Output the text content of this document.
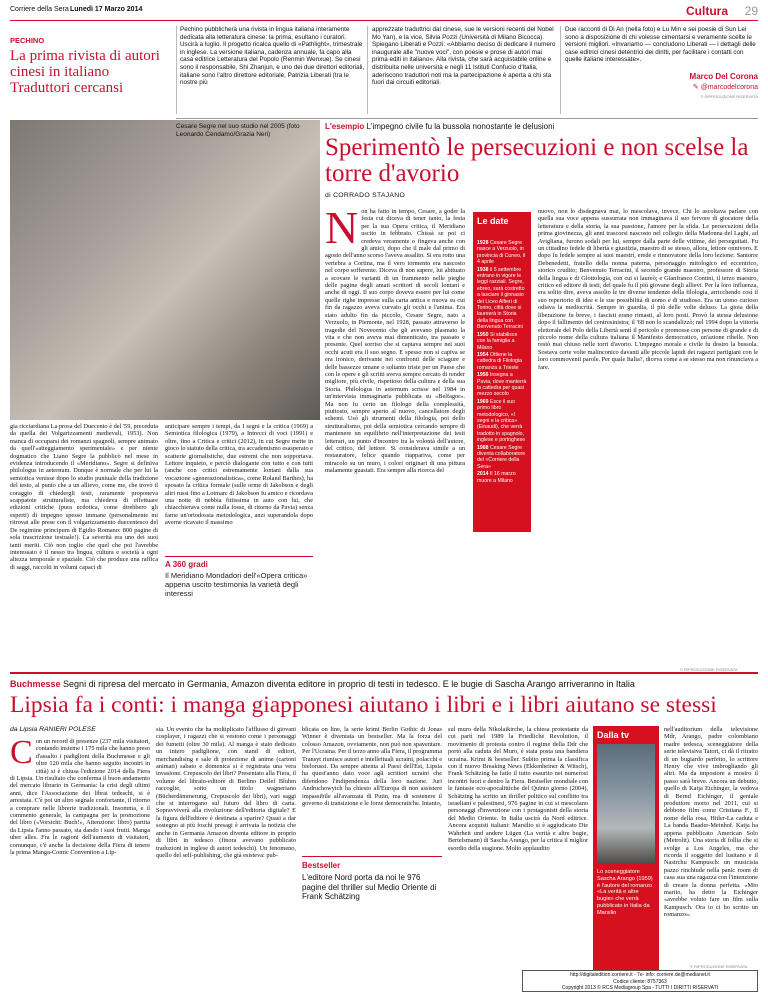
Corriere della Sera Lunedì 17 Marzo 2014	Cultura 29
PECHINO
La prima rivista di autori cinesi in italiano Traduttori cercansi
Pechino pubblicherà una rivista in lingua italiana interamente dedicata alla letteratura cinese: la prima, esultano i curatori. Uscirà a luglio. Il progetto ricalca quello di «Pathlight», trimestrale in inglese. La versione italiana, cadenza annuale, fa capo alla casa editrice Letteratura del Popolo (Renmin Wenxue). Se cinesi sono il responsabile, Shi Zhanjun, e uno dei due direttori editoriali, italiane sono l'altro direttore editoriale, Patrizia Liberati (tra le nostre più
apprezzate traduttrici dal cinese, sue le versioni recenti del Nobel Mo Yan), e la vice, Silvia Pozzi (Università di Milano Bicocca). Spiegano Liberati e Pozzi: «Abbiamo deciso di dedicare il numero inaugurale alle "nuove voci", con poesie e prose di autori mai prima editi in italiano». Alla rivista, che sarà acquistabile online e distribuita nelle università e negli 11 Istituti Confucio d'Italia, aderiscono traduttori noti ma la partecipazione è aperta a chi sta fuori dai circuiti editoriali.
Due racconti di Di An (nella foto) e Lu Min e sei poesie di Sun Lei sono a disposizione di chi volesse cimentarsi e veramente scelte le versioni migliori. «Invariamo — concludono Liberati — i dettagli delle case editrici cinesi detentrici dei diritti, per facilitare i contatti con quelle italiane interessate».
Marco Del Corona
✎ @marcodelcorona
© RIPRODUZIONE RISERVATA
Cesare Segre nel suo studio nel 2005 (foto Leonardo Cendamo/Grazia Neri)
L'esempio L'impegno civile fu la bussola nonostante le delusioni
Sperimentò le persecuzioni e non scelse la torre d'avorio
di CORRADO STAJANO
N on ha fatto in tempo, Cesare, a goder la festa cui diceva di tener tanto, la festa per la sua Opera critica, il Meridiano uscito in febbraio. Chissà se poi ci credeva veramente o fingeva anche con gli amici, dopo che il male dal primo di agosto dell'anno scorso l'aveva assalito. Si era rotto una vertebra a Cortina, ma il vero tormento era nascosto nel corpo sofferente. Diceva di non sapere, lui abituato a scovare le varianti di un frammento nelle pieghe delle pagine degli amati scrittori di secoli lontani e anche di oggi. Il suo corpo doveva essere per lui come quelle righe impresse sulla carta antica e nuova su cui fin da ragazzo aveva curvato gli occhi e l'anima. Era stato adulto fin da piccolo, Cesare Segre, nato a Verzuolo, in Piemonte, nel 1928, passato attraverso le tragedie del Novecento che gli avevano plasmato la vita e che non aveva mai dimenticato, tra passato e presente. Quel sorriso che si captava sempre nei suoi occhi acuti era il suo segno. E spesso non si capiva se era ironico, derivante nei confronti delle sciagure e delle bassezze umane o soltanto triste per un Paese che con le opere e gli scritti aveva sempre cercato di render migliore, più civile, rispettoso della cultura e della sua Storia. Philologus in aeternum scrisse nel 1984 in un'intervista immaginaria pubblicata su «Belfagor». Ma non fu certo un filologo della complessità, piuttosto, sempre aperto al nuovo, cancellatore degli schemi. Usò gli strumenti della filologia, poi dello strutturalismo, poi della semiotica cercando sempre di mantenere un equilibrio nell'interpretazione dei testi letterari, un punto d'incontro tra la volontà dell'autore, del critico, del lettore. Si considerava simile a un restauratore, felice quando riappariva, come per miracolo su un muro, i colori originari di una pittura malamente guastati. Era sempre alla ricerca del
Le date
1928 Cesare Segre nasce a Verzuolo, in provincia di Cuneo, il 4 aprile
1938 il 5 settembre entrano in vigore le leggi razziali. Segre, ebreo, sarà costretto a lasciare il ginnasio del Liceo Alfieri di Torino, città dove si laureerà in Storia della lingua con Benvenuto Terracini
1950 Si stabilisce con la famiglia a Milano
1954 Ottiene la cattedra di Filologia romanza a Trieste
1956 Insegna a Pavia, dove manterrà la cattedra per quasi mezzo secolo
1969 Esce il suo primo libro metodologico, «I segni e la critica» (Einaudi), che verrà tradotto in spagnolo, inglese e portoghese
1988 Cesare Segre diventa collaboratore del «Corriere della Sera»
2014 Il 16 marzo muore a Milano
nuovo, non lo disdegnava mai, lo mescolava, invece. Chi lo ascoltava parlare con quella sua voce appena sussurrata non immaginava il suo fervore di giocatore della letteratura e della storia, la sua passione, l'amore per la sfida. Le persecuzioni della prima giovinezza, gli anni trascorsi nascosto nel collegio della Madonna del Laghi, ad Avigliana, furono sodali per lui, sempre dalla parte delle vittime, dei perseguitati. Fu un cittadino fedele di libertà e giustizia, maestro di se stesso, allora, lettore onnivoro. E dopo fu fedele sempre ai suoi maestri, erede e rinnovatore della loro lezione: Santorre Debenedetti, fratello della nonna paterna, personaggio mitologico ed eccentrico, storico crudito; Benvenuto Terracini, il secondo grande maestro, professore di Storia della lingua e di Glottologia, con cui si laureò; e Gianfranco Contini, il terzo maestro, critico ed editore di testi, del quale fu il più giovane degli allievi. Per la loro influenza, era solito dire, aveva assolto le tre diverse tendenze della filologia, arricchendo così il suo repertorio di idee e le sue possibilità di uomo e di studioso. Era un uomo curioso odiava la mediocrità. Sempre in guardia, il più delle volte deluso. La gioia della liberazione fu breve, i fascisti erano rimasti, al loro posti. Provò la stessa delusione dopo il fallimento del centrosinistra; il '68 non lo scandalizzò; nel 1994 dopo la vittoria elettorale del Polo della Libertà sentì il pericolo e promosse con persone di grande e di piccolo nome della cultura italiana il Manifesto democratico, un'azione ribelle. Non restò mai chiuso nelle torri d'avorio. L'impegno morale e civile fu dostro la bussola. Sostava certe volte malinconico davanti alle piccole lapidi dei ragazzi partigiani con le loro commoventi parole. Per quale Italia?, diceva come a se stesso ma non rinunciava a fare.
© RIPRODUZIONE RISERVATA
gia ricciardiana La prosa del Duecento è del '59, precedutа da quella dei Volgarizzamenti medievali, 1953). Non manca di occuparsi dei romanzi spagnoli, sempre animato da quell'«atteggiamento sperimentale» e per niente dogmatico che Liano Segre la pubblicò nel mese in evidenza introducendo il «Meridiano». Segre si definiva philologus in aeternum. Dunque è normale che per lui la semiotica venisse dopo lo studio puntuale della tradizione del testo, al punto che a un allievo, come me, che trovò il coraggio di chiedergli testi, raramente proponeva scappatoie strutturaliste, ma chiedeva di effettuare edizioni critiche (pura ecdotica, come direbbero gli esperti) di impegno spesso immane (personalmente mi ritrovai alle prese con il volgarizzamento duecentesco del De regimine principum di Egidio Romano: 800 pagine di sola trascrizione testuale!). La severità era uno dei suoi tanti meriti. Ciò non toglie che quel che poi l'avrebbe interessato è il nesso tra lingua, cultura e società a ogni altezza temporale e spaziale. Ciò che produce una raffica di saggi, raccolti in volumi capaci di
anticipare sempre i tempi, da I segni e la critica (1969) a Semiotica filologica (1979), a Intrecci di voci (1991) e oltre, fino a Critica e critici (2012), in cui Segre mette in gioco lo statuto della critica, tra accademismo esasperato e scatterie giornalistiche, due estremi che non sopportava. Lettore inquieto, e perciò dialogante con tutto e con tutti (anche con critici estremamente lontani dalla sua vocazione «generazionalistica», come Roland Barthes), ha sposato la critica formale (sulle orme di Jakobson e degli altri russi fino a Lotman: di Jakobson fu amico e ricordava una notte di nebbia fittissima in auto con lui, che chiacchierava come nulla fosse, di ritorno da Pavia) senza farne un'ortodossia metodologica, anzi superandola dopo averne ricavato il massimo
A 360 gradi
Il Meridiano Mondadori dell'«Opera critica» appena uscito testimonia la varietà degli interessi
Buchmesse Segni di ripresa del mercato in Germania, Amazon diventa editore in proprio di testi in tedesco. E le bugie di Sascha Arango arriveranno in Italia
Lipsia fa i conti: i manga giapponesi aiutano i libri e i libri aiutano se stessi
da Lipsia RANIERI POLESE
C on un record di presenze (237 mila visitatori, contando insieme i 175 mila che hanno preso d'assalto i padiglioni della Buchmesse e gli oltre 120 mila che hanno seguito incontri in città) si è chiusa l'edizione 2014 della Fiera di Lipsia. Un risultato che conferma il buon andamento del mercato librario in Germania: la crisi degli ultimi anni, dice l'Associazione dei librai tedeschi, si è arrestata. C'è poi un altro segnale confortante, il ritorno a comprare nelle librerie tradizionali. Insomma, e il commento generale, la campagna per la promozione del libro («Vorsicht: Buch!», Attenzione: libro) partita da Lipsia l'anno passato, sta dando i suoi frutti. Manga uber alles. Fra le ragioni dell'aumento di visitatori, comunque, c'è anche la decisione della Fiera di tenere la prima Manga-Comic Convention a Lip-
sia. Un evento che ha moltiplicato l'afflusso di giovani cosplayer, i ragazzi che si vestono come i personaggi dei fumetti (oltre 30 mila). Al manga è stato dedicato un intero padiglione, con stand di editori, merchandising e sale di proiezione di anime (cartoni animati) sabato e domenica si è registrata una vera invasione. Crepuscolo dei libri? Presentato alla Fiera, il volume del libraio-editore di Berlino Detlef Bluhm raccoglie, sotto un titolo wagneriano (Bücherdämmerung, Crepuscolo dei libri), vari saggi che si interrogano sul futuro del libro di carta. Sopravviverà alla rivoluzione dell'editoria digitale? E la figura dell'editore è destinata a sparire? Quasi a dar sostegno ai più foschi presagi è arrivata la notizia che anche in Germania Amazon diventa editore in proprio di libri in tedesco (finora avevano pubblicato traduzioni in inglese di autori tedeschi). Un fenomeno, quello del self-publishing, che già esisteva: pub-
blicata on line, la serie krimi Berlin Gothic di Jonas Winner è diventata un bestseller. Ma la forza del colosso Amazon, ovviamente, non può non spaventare. Per l'Ucraina. Per il terzo anno alla Fiera, il programma Transyt riunisce autori e intellettuali ucraini, polacchi e bielorussi. Da sempre attenta al Paesi dell'Est, Lipsia ha quest'anno dato voce agli scrittori ucraini che difendono l'indipendenza della loro nazione. Juri Andruchowytch ha chiesto all'Europa di non assistere impassibile all'avanzata di Putin, ma di sostenere il governo di transizione e le forze democratiche. Intanto,
Bestseller
L'editore Nord porta da noi le 976 pagine del thriller sul Medio Oriente di Frank Schätzing
sul muro della Nikolaikirche, la chiesa protestante da cui partì nel 1989 la Friedliche Revolution, il movimento di protesta contro il regime della Ddr che portò alla caduta del Muro, è stata posta una bandiera ucraina. Krimi & bestseller. Subito prima la classifica con il nuovo Breaking News (Ekkenheiner & Witsch), Frank Schätzing ha fatto il tutto esaurito nei numerosi incontri fuori e dentro la Fiera. Bestseller mondiale con le fantasie eco-apocalittiche del Quinto giorno (2004), Schätzing ha scritto un thriller politico sul conflitto tra israeliani e palestinesi, 976 pagine in cui si mescolano personaggi d'invenzione con i protagonisti della storia del Medio Oriente. In Italia uscirà da Nord editrice. Ancora acquisti italiani: Marsilio si è aggiudicato Die Wahrheit und andere Lügen (La verità e altre bugie, Bertelsmann) di Sascha Arango, per la critica il miglior esordio della stagione. Molto applaudito
Dalla tv
Lo sceneggiatore Sascha Arango (1959) è l'autore del romanzo «La verità e altre bugie» che verrà pubblicato in Italia da Marsilio
nell'auditorium della televisione Mdr, Arango, padre colombiano madre tedesca, sceneggiatore della serie televisiva Tatort, ci dà il ritratto di un bugiardo perfetto, lo scrittore Henry che vive imbrogliando gli altri. Ma da impostore a mostro il passo sarà breve. Ancora un debutto, quello di Katja Eichinger, la vedova di Bernd Eichinger, il geniale produttore morto nel 2011, cui si debbono film come Cristiana F., Il nome della rosa, Hitler-La caduta e La banda Baader-Meinhof. Katja ha appena pubblicato American Solo (Metrolit). Una storia di follia che si svolge a Los Angeles, ma che ricorda il soggetto del lusitano e il Nastrchu Kampusch: un musicista pazzo rinchiude nella panic room di casa sua una ragazza con l'intenzione di creare la donna perfetta. «Mio marito, ha detto la Eichinger «avrebbe voluto fare un film sulla Kampusch. Ora io ci ho scritto un romanzo».
© RIPRODUZIONE RISERVATA
http://digitaledition.corriere.it - 7e- info: corriere.de@medianet.it
Codice cliente: 8757363
Copyright 2013 © RCS Mediagroup Spa - TUTTI I DIRITTI RISERVATI
